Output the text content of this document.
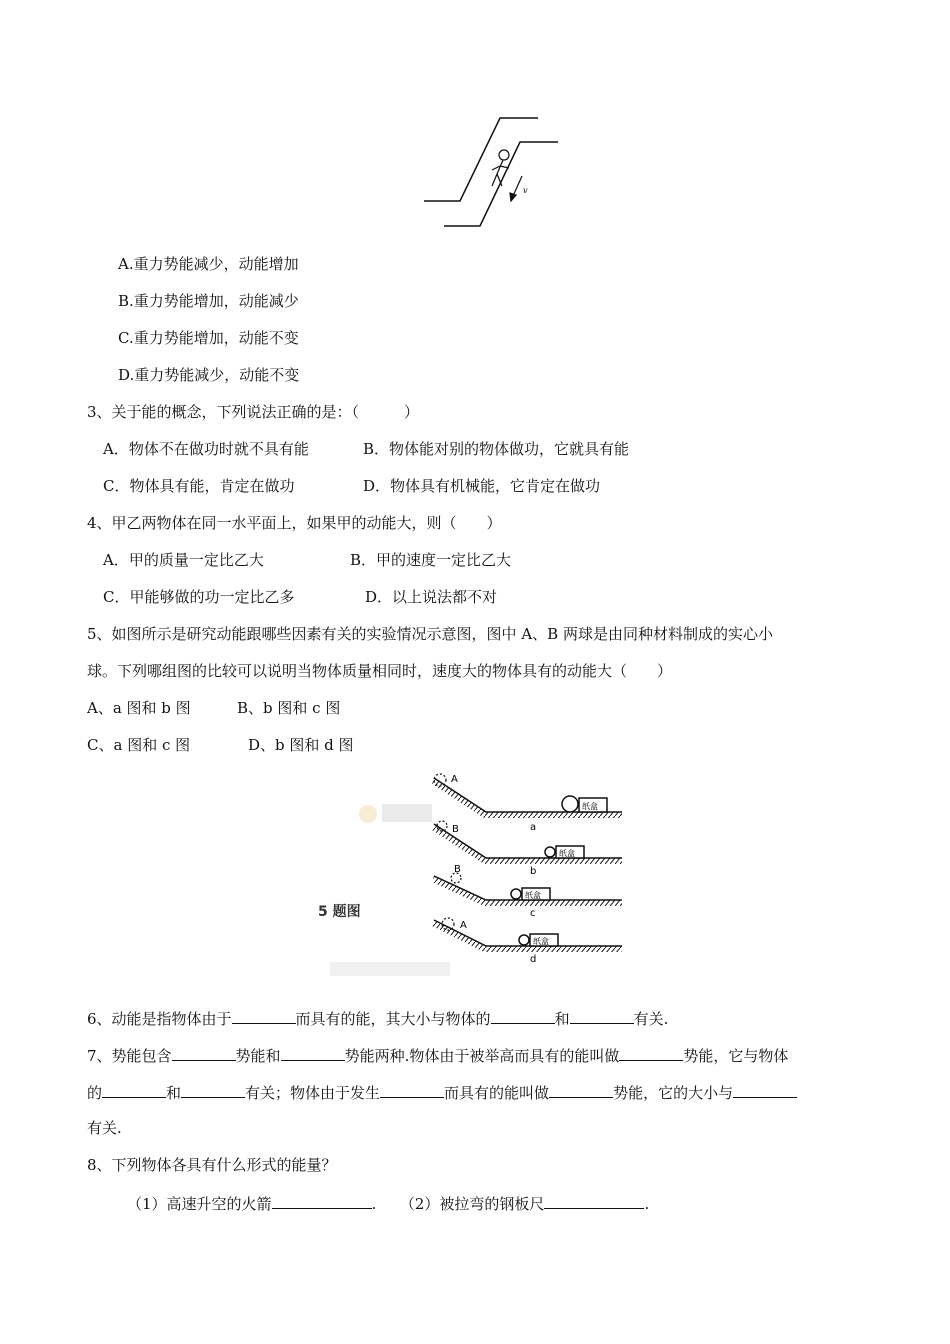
v
A.重力势能减少，动能增加
B.重力势能增加，动能减少
C.重力势能增加，动能不变
D.重力势能减少，动能不变
3、关于能的概念，下列说法正确的是：（　　　）
A．物体不在做功时就不具有能	B．物体能对别的物体做功，它就具有能
C．物体具有能，肯定在做功	D．物体具有机械能，它肯定在做功
4、甲乙两物体在同一水平面上，如果甲的动能大，则（　　）
A．甲的质量一定比乙大	B．甲的速度一定比乙大
C．甲能够做的功一定比乙多	D．以上说法都不对
5、如图所示是研究动能跟哪些因素有关的实验情况示意图，图中 A、B 两球是由同种材料制成的实心小
球。下列哪组图的比较可以说明当物体质量相同时，速度大的物体具有的动能大（　　）
A、a 图和 b 图	B、b 图和 c 图
C、a 图和 c 图	D、b 图和 d 图
A
纸盒
a
B
纸盒
b
B
纸盒
c
A
纸盒
d
5 题图
6、动能是指物体由于	而具有的能，其大小与物体的	和	有关.
7、势能包含	势能和	势能两种.物体由于被举高而具有的能叫做	势能，它与物体
的	和	有关；物体由于发生	而具有的能叫做	势能，它的大小与
有关.
8、下列物体各具有什么形式的能量？
（1）高速升空的火箭	. （2）被拉弯的钢板尺	.
